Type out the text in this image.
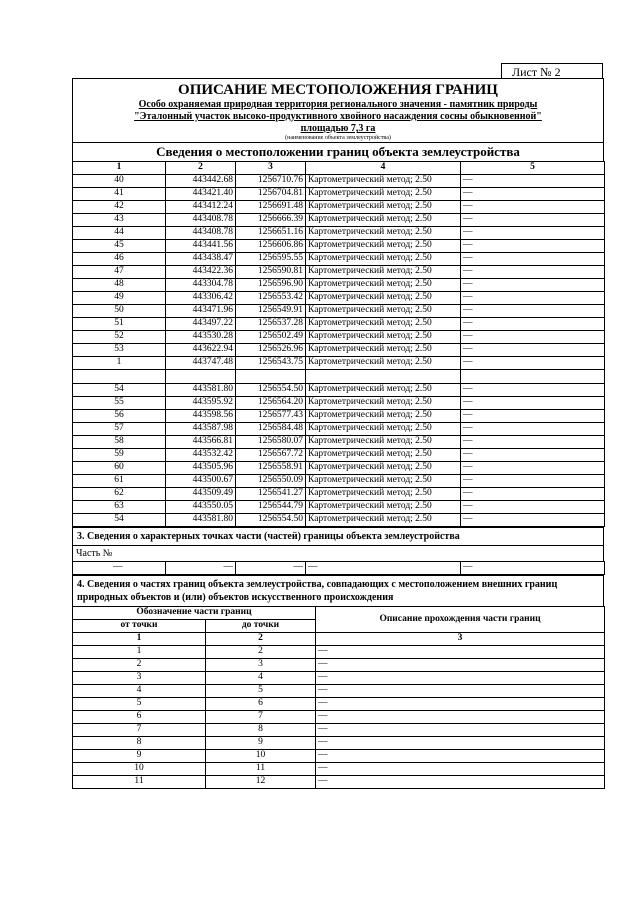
Лист № 2
ОПИСАНИЕ МЕСТОПОЛОЖЕНИЯ ГРАНИЦ
Особо охраняемая природная территория регионального значения - памятник природы
"Эталонный участок высоко-продуктивного хвойного насаждения сосны обыкновенной"
площадью 7,3 га
(наименование объекта землеустройства)
Сведения о местоположении границ объекта землеустройства
1	2	3	4	5
40	443442.68	1256710.76	Картометрический метод; 2.50	—
41	443421.40	1256704.81	Картометрический метод; 2.50	—
42	443412.24	1256691.48	Картометрический метод; 2.50	—
43	443408.78	1256666.39	Картометрический метод; 2.50	—
44	443408.78	1256651.16	Картометрический метод; 2.50	—
45	443441.56	1256606.86	Картометрический метод; 2.50	—
46	443438.47	1256595.55	Картометрический метод; 2.50	—
47	443422.36	1256590.81	Картометрический метод; 2.50	—
48	443304.78	1256596.90	Картометрический метод; 2.50	—
49	443306.42	1256553.42	Картометрический метод; 2.50	—
50	443471.96	1256549.91	Картометрический метод; 2.50	—
51	443497.22	1256537.28	Картометрический метод; 2.50	—
52	443530.28	1256502.49	Картометрический метод; 2.50	—
53	443622.94	1256526.96	Картометрический метод; 2.50	—
1	443747.48	1256543.75	Картометрический метод; 2.50	—

54	443581.80	1256554.50	Картометрический метод; 2.50	—
55	443595.92	1256564.20	Картометрический метод; 2.50	—
56	443598.56	1256577.43	Картометрический метод; 2.50	—
57	443587.98	1256584.48	Картометрический метод; 2.50	—
58	443566.81	1256580.07	Картометрический метод; 2.50	—
59	443532.42	1256567.72	Картометрический метод; 2.50	—
60	443505.96	1256558.91	Картометрический метод; 2.50	—
61	443500.67	1256550.09	Картометрический метод; 2.50	—
62	443509.49	1256541.27	Картометрический метод; 2.50	—
63	443550.05	1256544.79	Картометрический метод; 2.50	—
54	443581.80	1256554.50	Картометрический метод; 2.50	—
3. Сведения о характерных точках части (частей) границы объекта землеустройства
Часть №
—	—	—	—	—
4. Сведения о частях границ объекта землеустройства, совпадающих с местоположением внешних границ природных объектов и (или) объектов искусственного происхождения
Обозначение части границ		Описание прохождения части границ
от точки	до точки	
1	2	3
1	2	—
2	3	—
3	4	—
4	5	—
5	6	—
6	7	—
7	8	—
8	9	—
9	10	—
10	11	—
11	12	—
